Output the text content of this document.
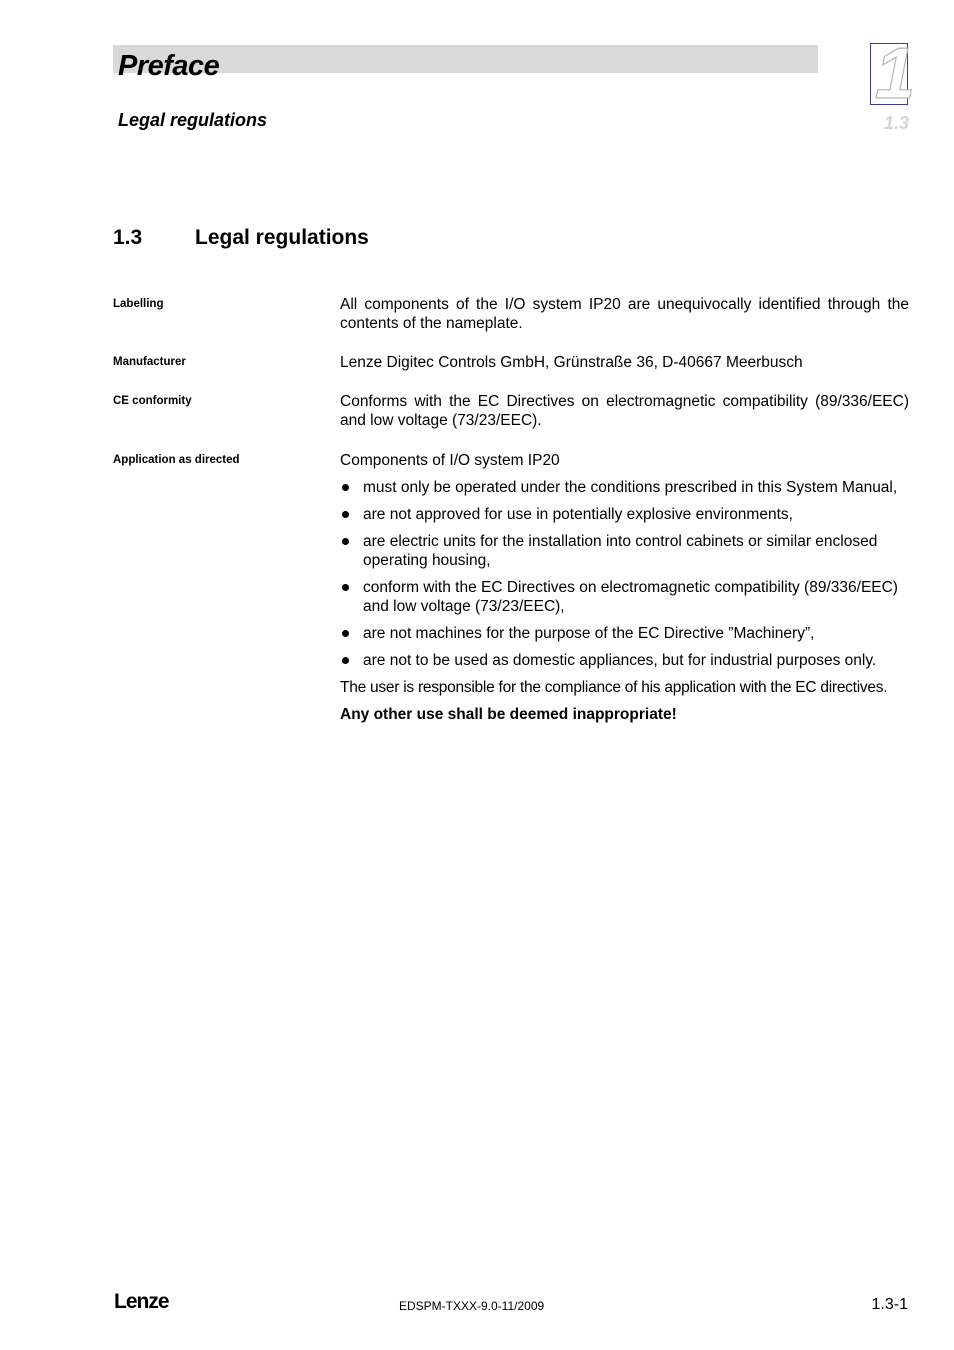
Preface
Legal regulations
1
1.3
1.3	Legal regulations
Labelling	All components of the I/O system IP20 are unequivocally identified through the contents of the nameplate.
Manufacturer	Lenze Digitec Controls GmbH, Grünstraße 36, D-40667 Meerbusch
CE conformity	Conforms with the EC Directives on electromagnetic compatibility (89/336/EEC) and low voltage (73/23/EEC).
Application as directed	Components of I/O system IP20
must only be operated under the conditions prescribed in this System Manual,
are not approved for use in potentially explosive environments,
are electric units for the installation into control cabinets or similar enclosed operating housing,
conform with the EC Directives on electromagnetic compatibility (89/336/EEC) and low voltage (73/23/EEC),
are not machines for the purpose of the EC Directive ”Machinery”,
are not to be used as domestic appliances, but for industrial purposes only.
The user is responsible for the compliance of his application with the EC directives.
Any other use shall be deemed inappropriate!
Lenze	EDSPM-TXXX-9.0-11/2009	1.3-1
